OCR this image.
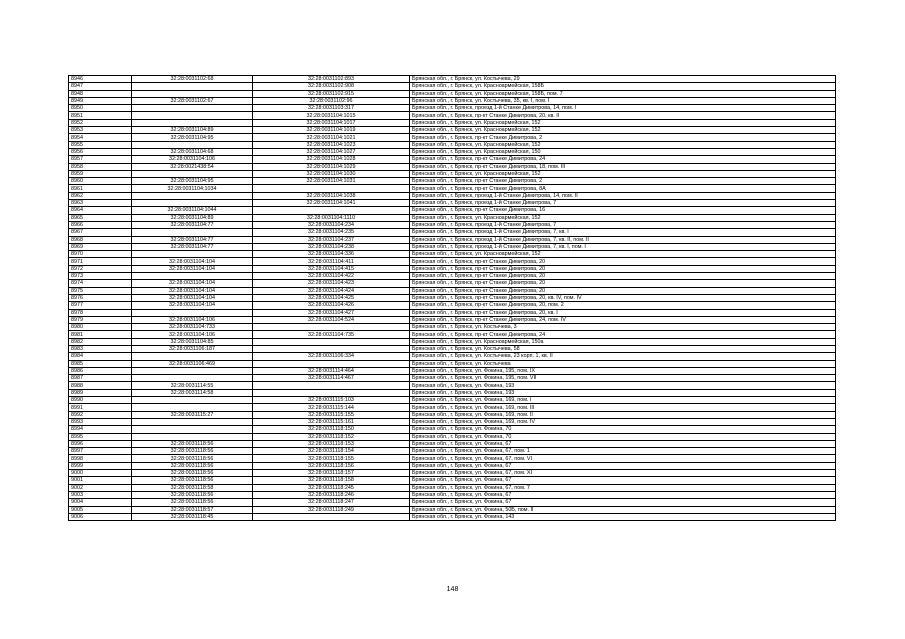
8946	32:28:0031102:68	32:28:0031102:893	Брянская обл., г. Брянск, ул. Костычева, 29
8947		32:28:0031102:908	Брянская обл., г. Брянск, ул. Красноармейская, 158Б
8948		32:28:0031102:915	Брянская обл., г. Брянск, ул. Красноармейская, 158Б, пом. 7
8949	32:28:0031102:67	32:28:0031102:96	Брянская обл., г. Брянск, ул. Костычева, 35, кв. I, пом. I
8950		32:28:0031103:317	Брянская обл., г. Брянск, проезд 1-й Станке Димитрова, 14, пом. I
8951		32:28:0031104:1015	Брянская обл., г. Брянск, пр-кт Станке Димитрова, 20, кв. II
8952		32:28:0031104:1017	Брянская обл., г. Брянск, ул. Красноармейская, 152
8953	32:28:0031104:89	32:28:0031104:1019	Брянская обл., г. Брянск, ул. Красноармейская, 152
8954	32:28:0031104:95	32:28:0031104:1021	Брянская обл., г. Брянск, пр-кт Станке Димитрова, 2
8955		32:28:0031104:1023	Брянская обл., г. Брянск, ул. Красноармейская, 152
8956	32:28:0031104:68	32:28:0031104:1027	Брянская обл., г. Брянск, ул. Красноармейская, 150
8957	32:28:0031104:106	32:28:0031104:1028	Брянская обл., г. Брянск, пр-кт Станке Димитрова, 24
8958	32:28:0021438:54	32:28:0031104:1029	Брянская обл., г. Брянск, пр-кт Станке Димитрова, 18, пом. III
8959		32:28:0031104:1030	Брянская обл., г. Брянск, ул. Красноармейская, 152
8960	32:28:0031104:95	32:28:0031104:1031	Брянская обл., г. Брянск, пр-кт Станке Димитрова, 2
8961	32:28:0031104:1034		Брянская обл., г. Брянск, пр-кт Станке Димитрова, 8А
8962		32:28:0031104:1038	Брянская обл., г. Брянск, проезд 1-й Станке Димитрова, 14, пом. II
8963		32:28:0031104:1041	Брянская обл., г. Брянск, проезд 1-й Станке Димитрова, 7
8964	32:28:0031104:1044		Брянская обл., г. Брянск, пр-кт Станке Димитрова, 16
8965	32:28:0031104:89	32:28:0031104:1110	Брянская обл., г. Брянск, ул. Красноармейская, 152
8966	32:28:0031104:77	32:28:0031104:234	Брянская обл., г. Брянск, проезд 1-й Станке Димитрова, 7
8967		32:28:0031104:235	Брянская обл., г. Брянск, проезд 1-й Станке Димитрова, 7, кв. I
8968	32:28:0031104:77	32:28:0031104:237	Брянская обл., г. Брянск, проезд 1-й Станке Димитрова, 7, кв. II, пом. II
8969	32:28:0031104:77	32:28:0031104:238	Брянская обл., г. Брянск, проезд 1-й Станке Димитрова, 7, кв. I, пом. I
8970		32:28:0031104:336	Брянская обл., г. Брянск, ул. Красноармейская, 152
8971	32:28:0031104:104	32:28:0031104:411	Брянская обл., г. Брянск, пр-кт Станке Димитрова, 20
8972	32:28:0031104:104	32:28:0031104:415	Брянская обл., г. Брянск, пр-кт Станке Димитрова, 20
8973		32:28:0031104:422	Брянская обл., г. Брянск, пр-кт Станке Димитрова, 20
8974	32:28:0031104:104	32:28:0031104:423	Брянская обл., г. Брянск, пр-кт Станке Димитрова, 20
8975	32:28:0031104:104	32:28:0031104:424	Брянская обл., г. Брянск, пр-кт Станке Димитрова, 20
8976	32:28:0031104:104	32:28:0031104:425	Брянская обл., г. Брянск, пр-кт Станке Димитрова, 20, кв. IV, пом. IV
8977	32:28:0031104:104	32:28:0031104:426	Брянская обл., г. Брянск, пр-кт Станке Димитрова, 20, пом. 2
8978		32:28:0031104:427	Брянская обл., г. Брянск, пр-кт Станке Димитрова, 20, кв. I
8979	32:28:0031104:106	32:28:0031104:524	Брянская обл., г. Брянск, пр-кт Станке Димитрова, 24, пом. IV
8980	32:28:0031104:733		Брянская обл., г. Брянск, ул. Костычева, 3
8981	32:28:0031104:106	32:28:0031104:735	Брянская обл., г. Брянск, пр-кт Станке Димитрова, 24
8982	32:28:0031104:85		Брянская обл., г. Брянск, ул. Красноармейская, 150а
8983	32:28:0031106:187		Брянская обл., г. Брянск, ул. Костычева, 58
8984		32:28:0031106:334	Брянская обл., г. Брянск, ул. Костычева, 23 корп. 1, кв. II
8985	32:28:0031106:469		Брянская обл., г. Брянск, ул. Костычева
8986		32:28:0031114:464	Брянская обл., г. Брянск, ул. Фокина, 195, пом. IX
8987		32:28:0031114:467	Брянская обл., г. Брянск, ул. Фокина, 195, пом. VII
8988	32:28:0031114:55		Брянская обл., г. Брянск, ул. Фокина, 193
8989	32:28:0031114:58		Брянская обл., г. Брянск, ул. Фокина, 193
8990		32:28:0031115:103	Брянская обл., г. Брянск, ул. Фокина, 169, пом. I
8991		32:28:0031115:144	Брянская обл., г. Брянск, ул. Фокина, 169, пом. III
8992	32:28:0031115:27	32:28:0031115:155	Брянская обл., г. Брянск, ул. Фокина, 169, пом. II
8993		32:28:0031115:161	Брянская обл., г. Брянск, ул. Фокина, 169, пом. IV
8994		32:28:0031118:150	Брянская обл., г. Брянск, ул. Фокина, 70
8995		32:28:0031118:152	Брянская обл., г. Брянск, ул. Фокина, 70
8996	32:28:0031118:56	32:28:0031118:153	Брянская обл., г. Брянск, ул. Фокина, 67
8997	32:28:0031118:56	32:28:0031118:154	Брянская обл., г. Брянск, ул. Фокина, 67, пом. 1
8998	32:28:0031118:56	32:28:0031118:155	Брянская обл., г. Брянск, ул. Фокина, 67, пом. VI
8999	32:28:0031118:56	32:28:0031118:156	Брянская обл., г. Брянск, ул. Фокина, 67
9000	32:28:0031118:56	32:28:0031118:157	Брянская обл., г. Брянск, ул. Фокина, 67, пом. XI
9001	32:28:0031118:56	32:28:0031118:158	Брянская обл., г. Брянск, ул. Фокина, 67
9002	32:28:0031118:58	32:28:0031118:245	Брянская обл., г. Брянск, ул. Фокина, 67, пом. 7
9003	32:28:0031118:56	32:28:0031118:246	Брянская обл., г. Брянск, ул. Фокина, 67
9004	32:28:0031118:56	32:28:0031118:247	Брянская обл., г. Брянск, ул. Фокина, 67
9005	32:28:0031118:57	32:28:0031118:249	Брянская обл., г. Брянск, ул. Фокина, 50Б, пом. II
9006	32:28:0031118:45		Брянская обл., г. Брянск, ул. Фокина, 143
148
